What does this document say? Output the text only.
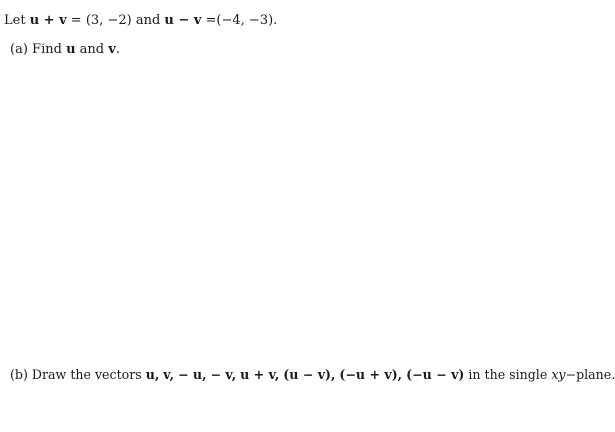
Let u + v = (3, −2) and u − v =(−4, −3).
(a) Find u and v.
(b) Draw the vectors u, v, − u, − v, u + v, (u − v), (−u + v), (−u − v) in the single xy−plane.
